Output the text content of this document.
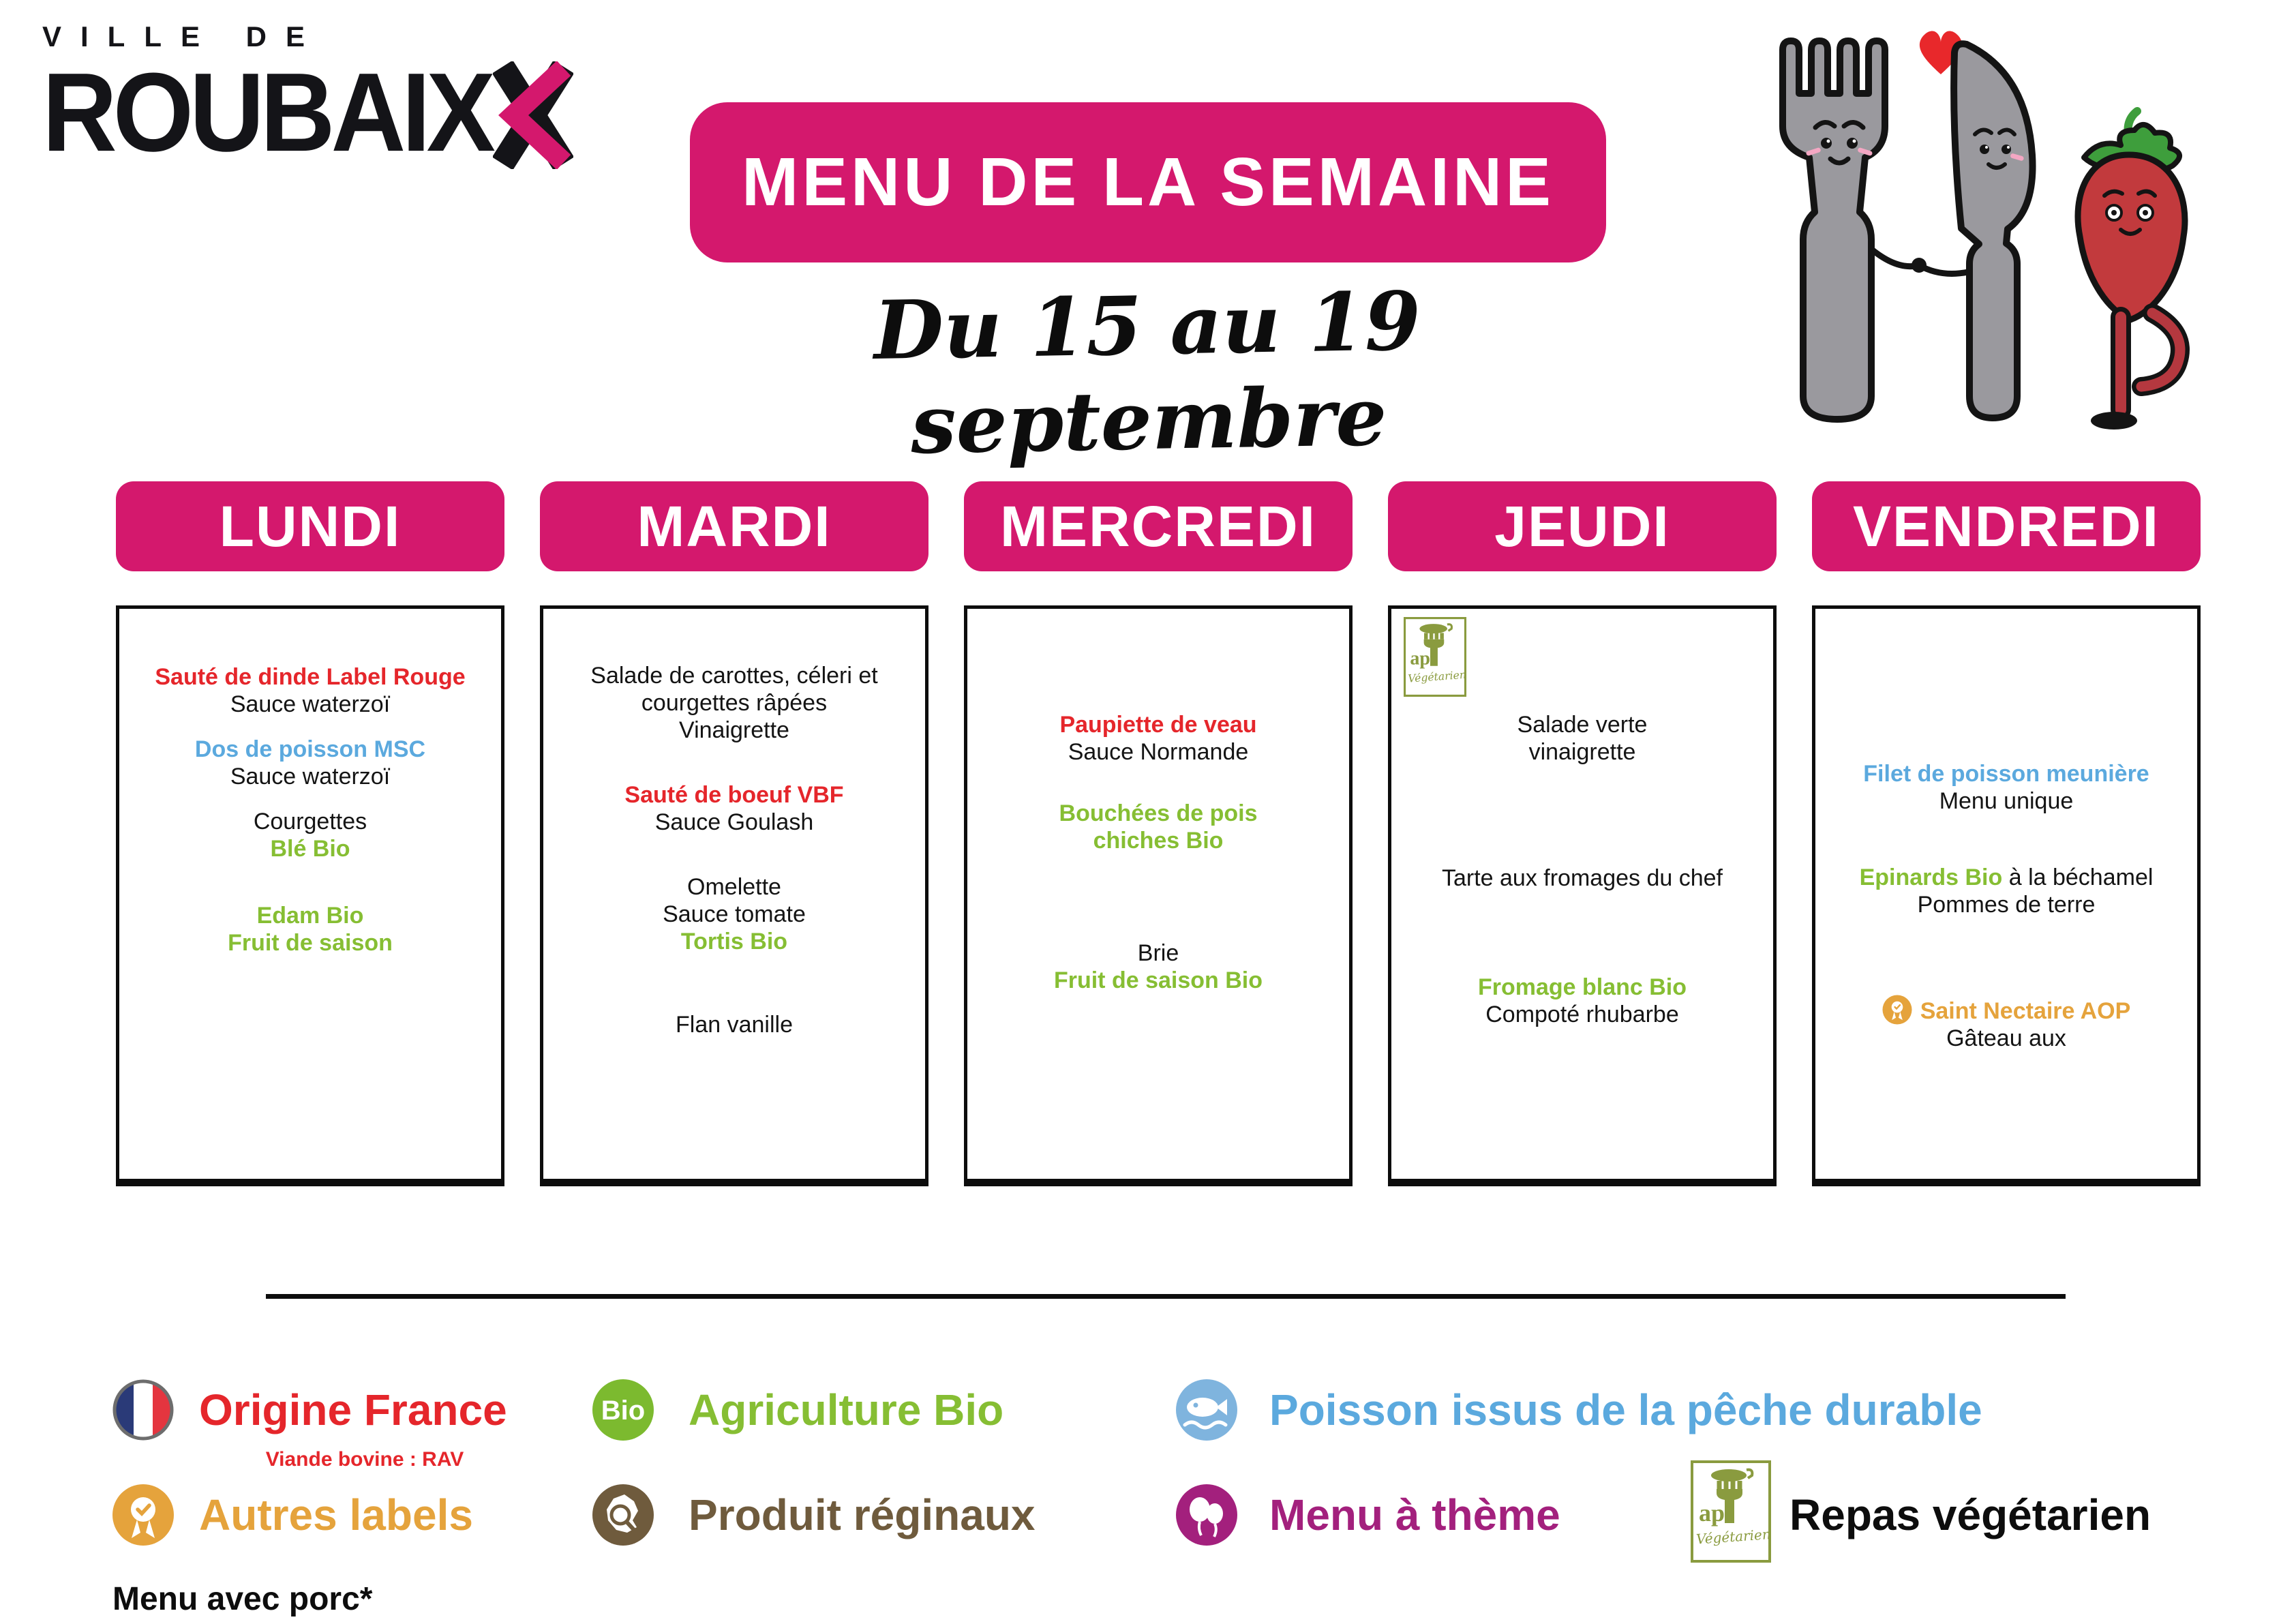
VILLE DE
ROUBAIX
MENU DE LA SEMAINE
Du 15 au 19 septembre
LUNDI

Sauté de dinde Label Rouge

Sauce waterzoï

Dos de poisson MSC

Sauce waterzoï

Courgettes

Blé Bio

Edam Bio

Fruit de saison

MARDI

Salade de carottes, céleri et courgettes râpées

Vinaigrette

Sauté de boeuf VBF

Sauce Goulash

Omelette

Sauce tomate

Tortis Bio

Flan vanille

MERCREDI

Paupiette de veau

Sauce Normande

Bouchées de pois chiches Bio

Brie

Fruit de saison Bio

JEUDI
api
Végétarien

Salade verte

vinaigrette

Tarte aux fromages du chef

Fromage blanc Bio

Compoté rhubarbe

VENDREDI

Filet de poisson meunière

Menu unique

Epinards Bio à la béchamel

Pommes de terre

Saint Nectaire AOP

Gâteau aux

Origine France
Viande bovine : RAV
Bio Agriculture Bio	Poisson issus de la pêche durable
Autres labels	Produit réginaux	Menu à thème	api
Végétarien Repas végétarien
Menu avec porc*
